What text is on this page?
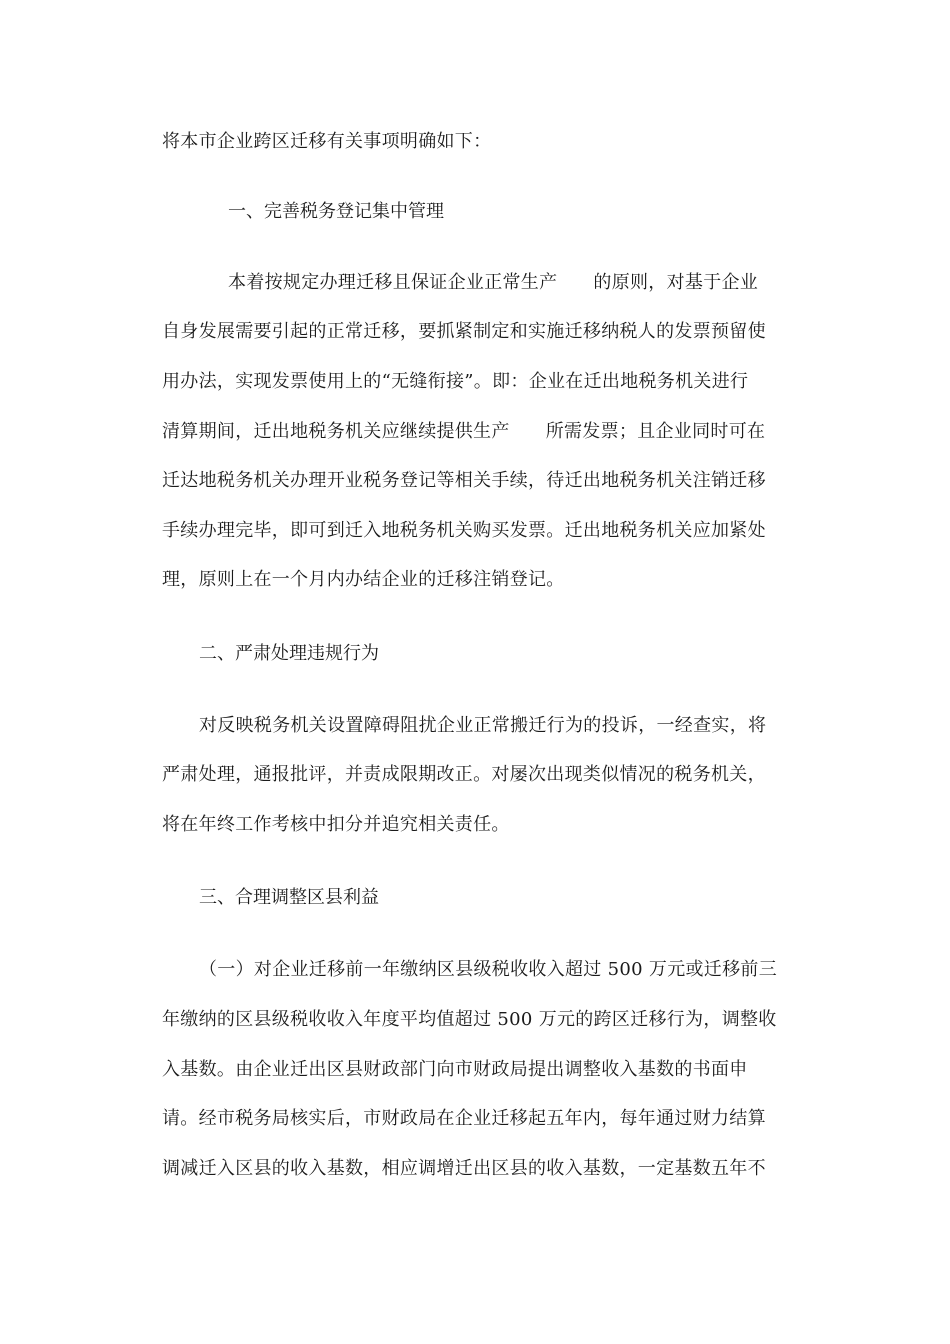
将本市企业跨区迁移有关事项明确如下：
一、完善税务登记集中管理
本着按规定办理迁移且保证企业正常生产 的原则，对基于企业
自身发展需要引起的正常迁移，要抓紧制定和实施迁移纳税人的发票预留使
用办法，实现发票使用上的“无缝衔接”。即：企业在迁出地税务机关进行
清算期间，迁出地税务机关应继续提供生产 所需发票；且企业同时可在
迁达地税务机关办理开业税务登记等相关手续，待迁出地税务机关注销迁移
手续办理完毕，即可到迁入地税务机关购买发票。迁出地税务机关应加紧处
理，原则上在一个月内办结企业的迁移注销登记。
二、严肃处理违规行为
对反映税务机关设置障碍阻扰企业正常搬迁行为的投诉，一经查实，将
严肃处理，通报批评，并责成限期改正。对屡次出现类似情况的税务机关，
将在年终工作考核中扣分并追究相关责任。
三、合理调整区县利益
（一）对企业迁移前一年缴纳区县级税收收入超过 500 万元或迁移前三
年缴纳的区县级税收收入年度平均值超过 500 万元的跨区迁移行为，调整收
入基数。由企业迁出区县财政部门向市财政局提出调整收入基数的书面申
请。经市税务局核实后，市财政局在企业迁移起五年内，每年通过财力结算
调减迁入区县的收入基数，相应调增迁出区县的收入基数，一定基数五年不
